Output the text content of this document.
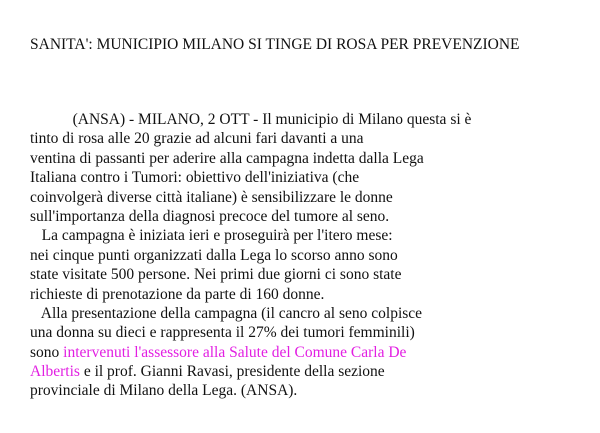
SANITA': MUNICIPIO MILANO SI TINGE DI ROSA PER PREVENZIONE
(ANSA) - MILANO, 2 OTT - Il municipio di Milano questa si è
tinto di rosa alle 20 grazie ad alcuni fari davanti a una
ventina di passanti per aderire alla campagna indetta dalla Lega
Italiana contro i Tumori: obiettivo dell'iniziativa (che
coinvolgerà diverse città italiane) è sensibilizzare le donne
sull'importanza della diagnosi precoce del tumore al seno.
La campagna è iniziata ieri e proseguirà per l'itero mese:
nei cinque punti organizzati dalla Lega lo scorso anno sono
state visitate 500 persone. Nei primi due giorni ci sono state
richieste di prenotazione da parte di 160 donne.
Alla presentazione della campagna (il cancro al seno colpisce
una donna su dieci e rappresenta il 27% dei tumori femminili)
sono intervenuti l'assessore alla Salute del Comune Carla De
Albertis e il prof. Gianni Ravasi, presidente della sezione
provinciale di Milano della Lega. (ANSA).
